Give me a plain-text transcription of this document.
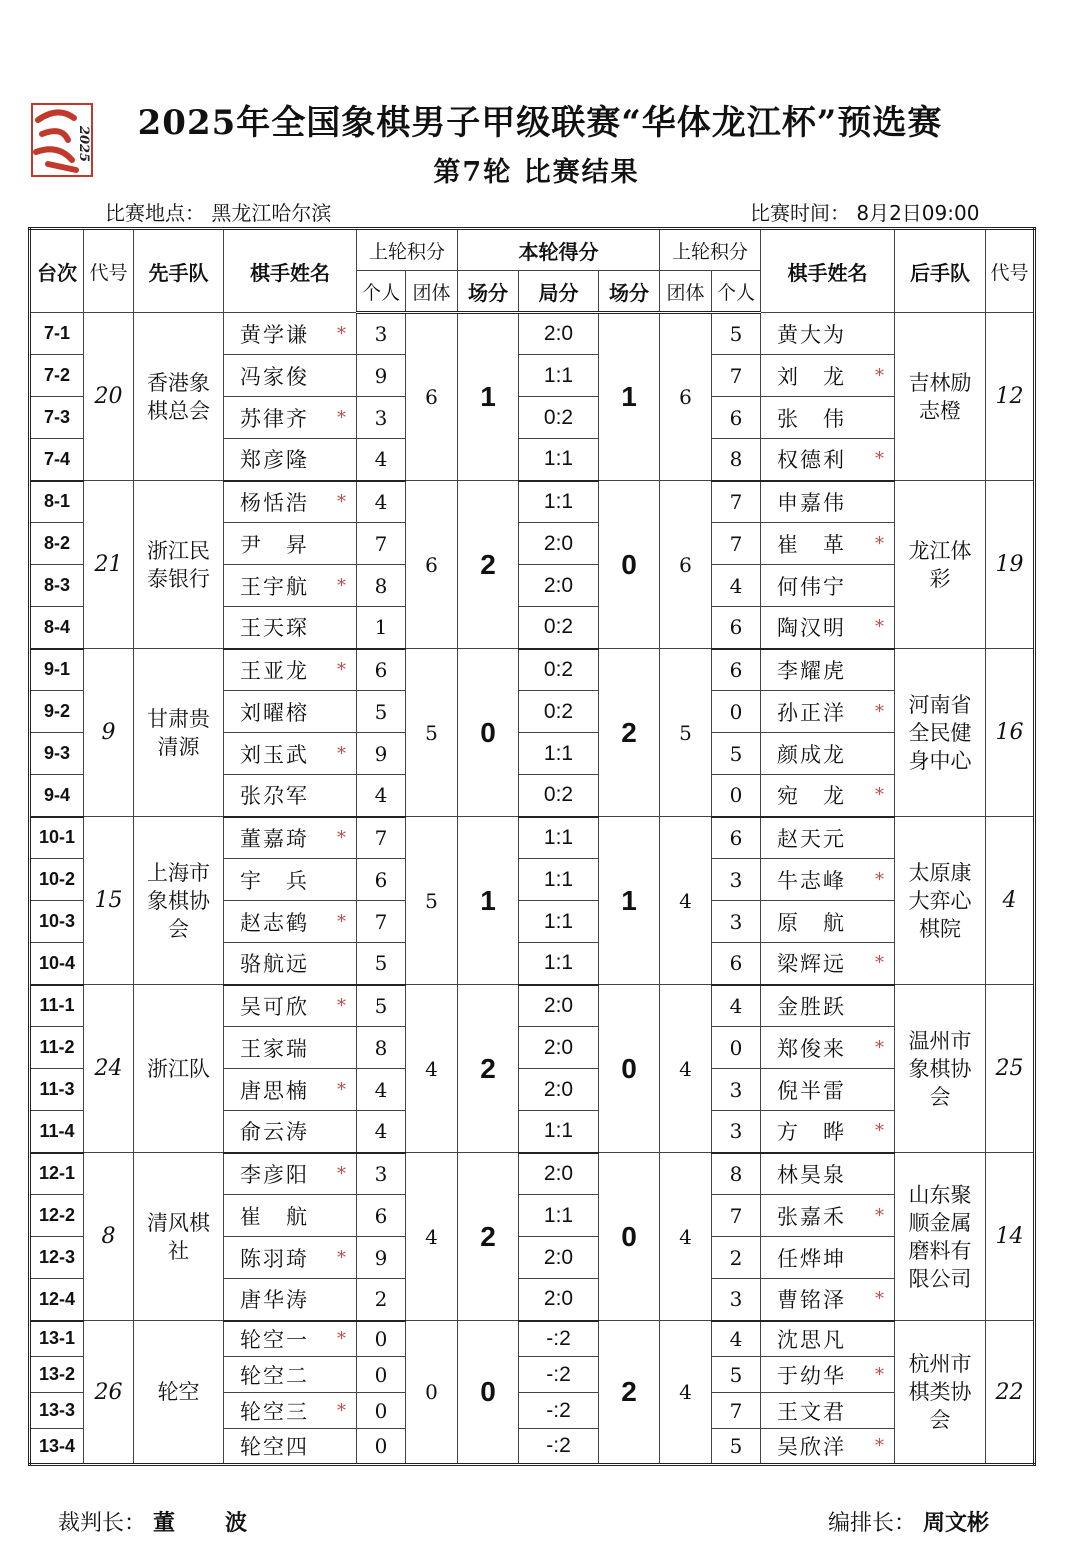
2025
2025年全国象棋男子甲级联赛“华体龙江杯”预选赛
第7轮 比赛结果
比赛地点： 黑龙江哈尔滨	比赛时间： 8月2日09:00
台次	代号	先手队	棋手姓名	上轮积分		本轮得分			上轮积分		棋手姓名	后手队	代号
				个人	团体	场分	局分	场分	团体	个人			
7-1	20	香港象棋总会	黄学谦 *	3	6	1	2:0	1	6	5	黄大为	吉林励志橙	12
7-2			冯家俊	9			1:1			7	刘　龙 *		

7-3			苏律齐 *	3			0:2			6	张　伟		
7-4			郑彦隆	4			1:1			8	权德利 *		

8-1	21	浙江民泰银行	杨恬浩 *	4	6	2	1:1	0	6	7	申嘉伟	龙江体彩	19
8-2			尹　昇	7			2:0			7	崔　革 *		

8-3			王宇航 *	8			2:0			4	何伟宁		
8-4			王天琛	1			0:2			6	陶汉明 *		

9-1	9	甘肃贵清源	王亚龙 *	6	5	0	0:2	2	5	6	李耀虎	河南省全民健身中心	16
9-2			刘曜榕	5			0:2			0	孙正洋 *		

9-3			刘玉武 *	9			1:1			5	颜成龙		
9-4			张尕军	4			0:2			0	宛　龙 *		

10-1	15	上海市象棋协会	董嘉琦 *	7	5	1	1:1	1	4	6	赵天元	太原康大弈心棋院	4
10-2			宇　兵	6			1:1			3	牛志峰 *		

10-3			赵志鹤 *	7			1:1			3	原　航		
10-4			骆航远	5			1:1			6	梁辉远 *		

11-1	24	浙江队	吴可欣 *	5	4	2	2:0	0	4	4	金胜跃	温州市象棋协会	25
11-2			王家瑞	8			2:0			0	郑俊来 *		

11-3			唐思楠 *	4			2:0			3	倪半雷		
11-4			俞云涛	4			1:1			3	方　晔 *		

12-1	8	清风棋社	李彦阳 *	3	4	2	2:0	0	4	8	林昊泉	山东聚顺金属磨料有限公司	14
12-2			崔　航	6			1:1			7	张嘉禾 *		

12-3			陈羽琦 *	9			2:0			2	任烨坤		
12-4			唐华涛	2			2:0			3	曹铭泽 *		

13-1	26	轮空	轮空一 *	0	0	0	-:2	2	4	4	沈思凡	杭州市棋类协会	22
13-2			轮空二	0			-:2			5	于幼华 *		

13-3			轮空三 *	0			-:2			7	王文君		
13-4			轮空四	0			-:2			5	吴欣洋 *		
裁判长： 董　波	编排长： 周文彬
